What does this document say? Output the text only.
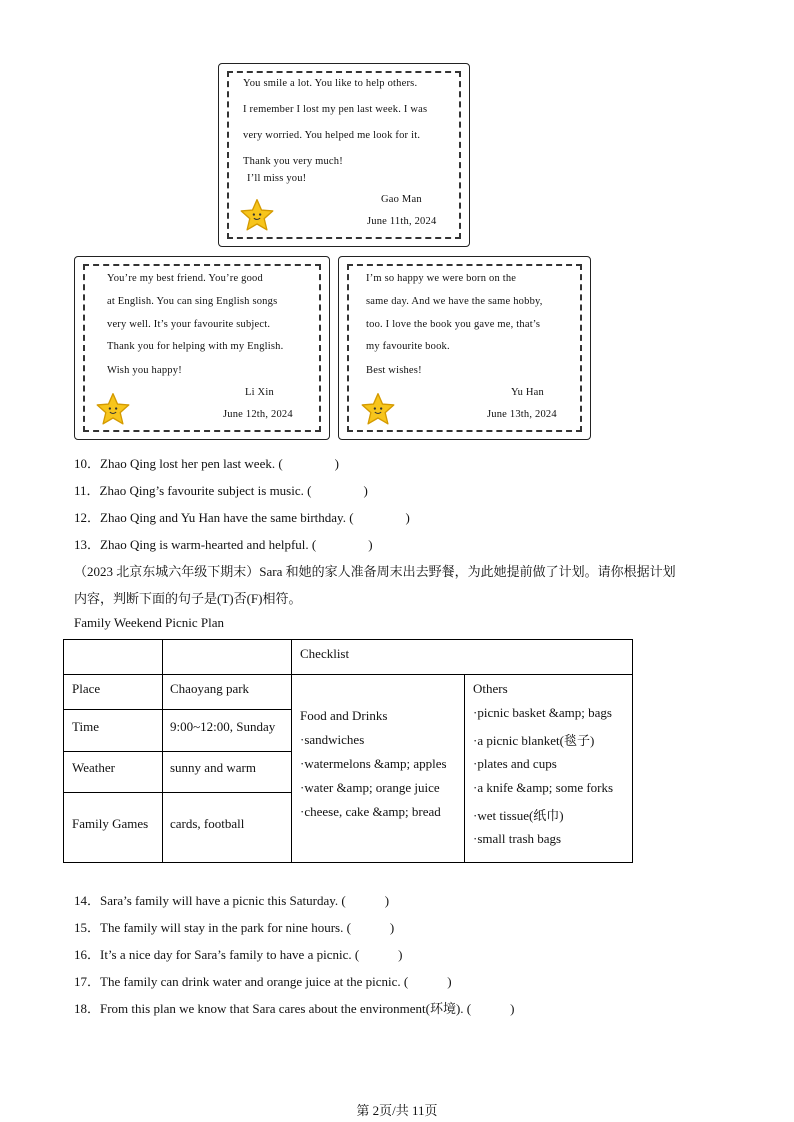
You smile a lot. You like to help others.
I remember I lost my pen last week. I was
very worried. You helped me look for it.
Thank you very much!
I’ll miss you!
Gao Man
June 11th, 2024
You’re my best friend. You’re good
at English. You can sing English songs
very well. It’s your favourite subject.
Thank you for helping with my English.
Wish you happy!
Li Xin
June 12th, 2024
I’m so happy we were born on the
same day. And we have the same hobby,
too. I love the book you gave me, that’s
my favourite book.
Best wishes!
Yu Han
June 13th, 2024
10．Zhao Qing lost her pen last week. (　　　　)
11．Zhao Qing’s favourite subject is music. (　　　　)
12．Zhao Qing and Yu Han have the same birthday. (　　　　)
13．Zhao Qing is warm-hearted and helpful. (　　　　)
（2023 北京东城六年级下期末）Sara 和她的家人准备周末出去野餐，为此她提前做了计划。请你根据计划
内容，判断下面的句子是(T)否(F)相符。
Family Weekend Picnic Plan
Checklist
Place	Chaoyang park
Time	9:00~12:00, Sunday
Weather	sunny and warm
Family Games cards, football
Food and Drinks
·sandwiches
·watermelons &amp; apples
·water &amp; orange juice
·cheese, cake &amp; bread
Others
·picnic basket &amp; bags
·a picnic blanket(毯子)
·plates and cups
·a knife &amp; some forks
·wet tissue(纸巾)
·small trash bags
14．Sara’s family will have a picnic this Saturday. (　　　)
15．The family will stay in the park for nine hours. (　　　)
16．It’s a nice day for Sara’s family to have a picnic. (　　　)
17．The family can drink water and orange juice at the picnic. (　　　)
18．From this plan we know that Sara cares about the environment(环境). (　　　)
第 2页/共 11页
